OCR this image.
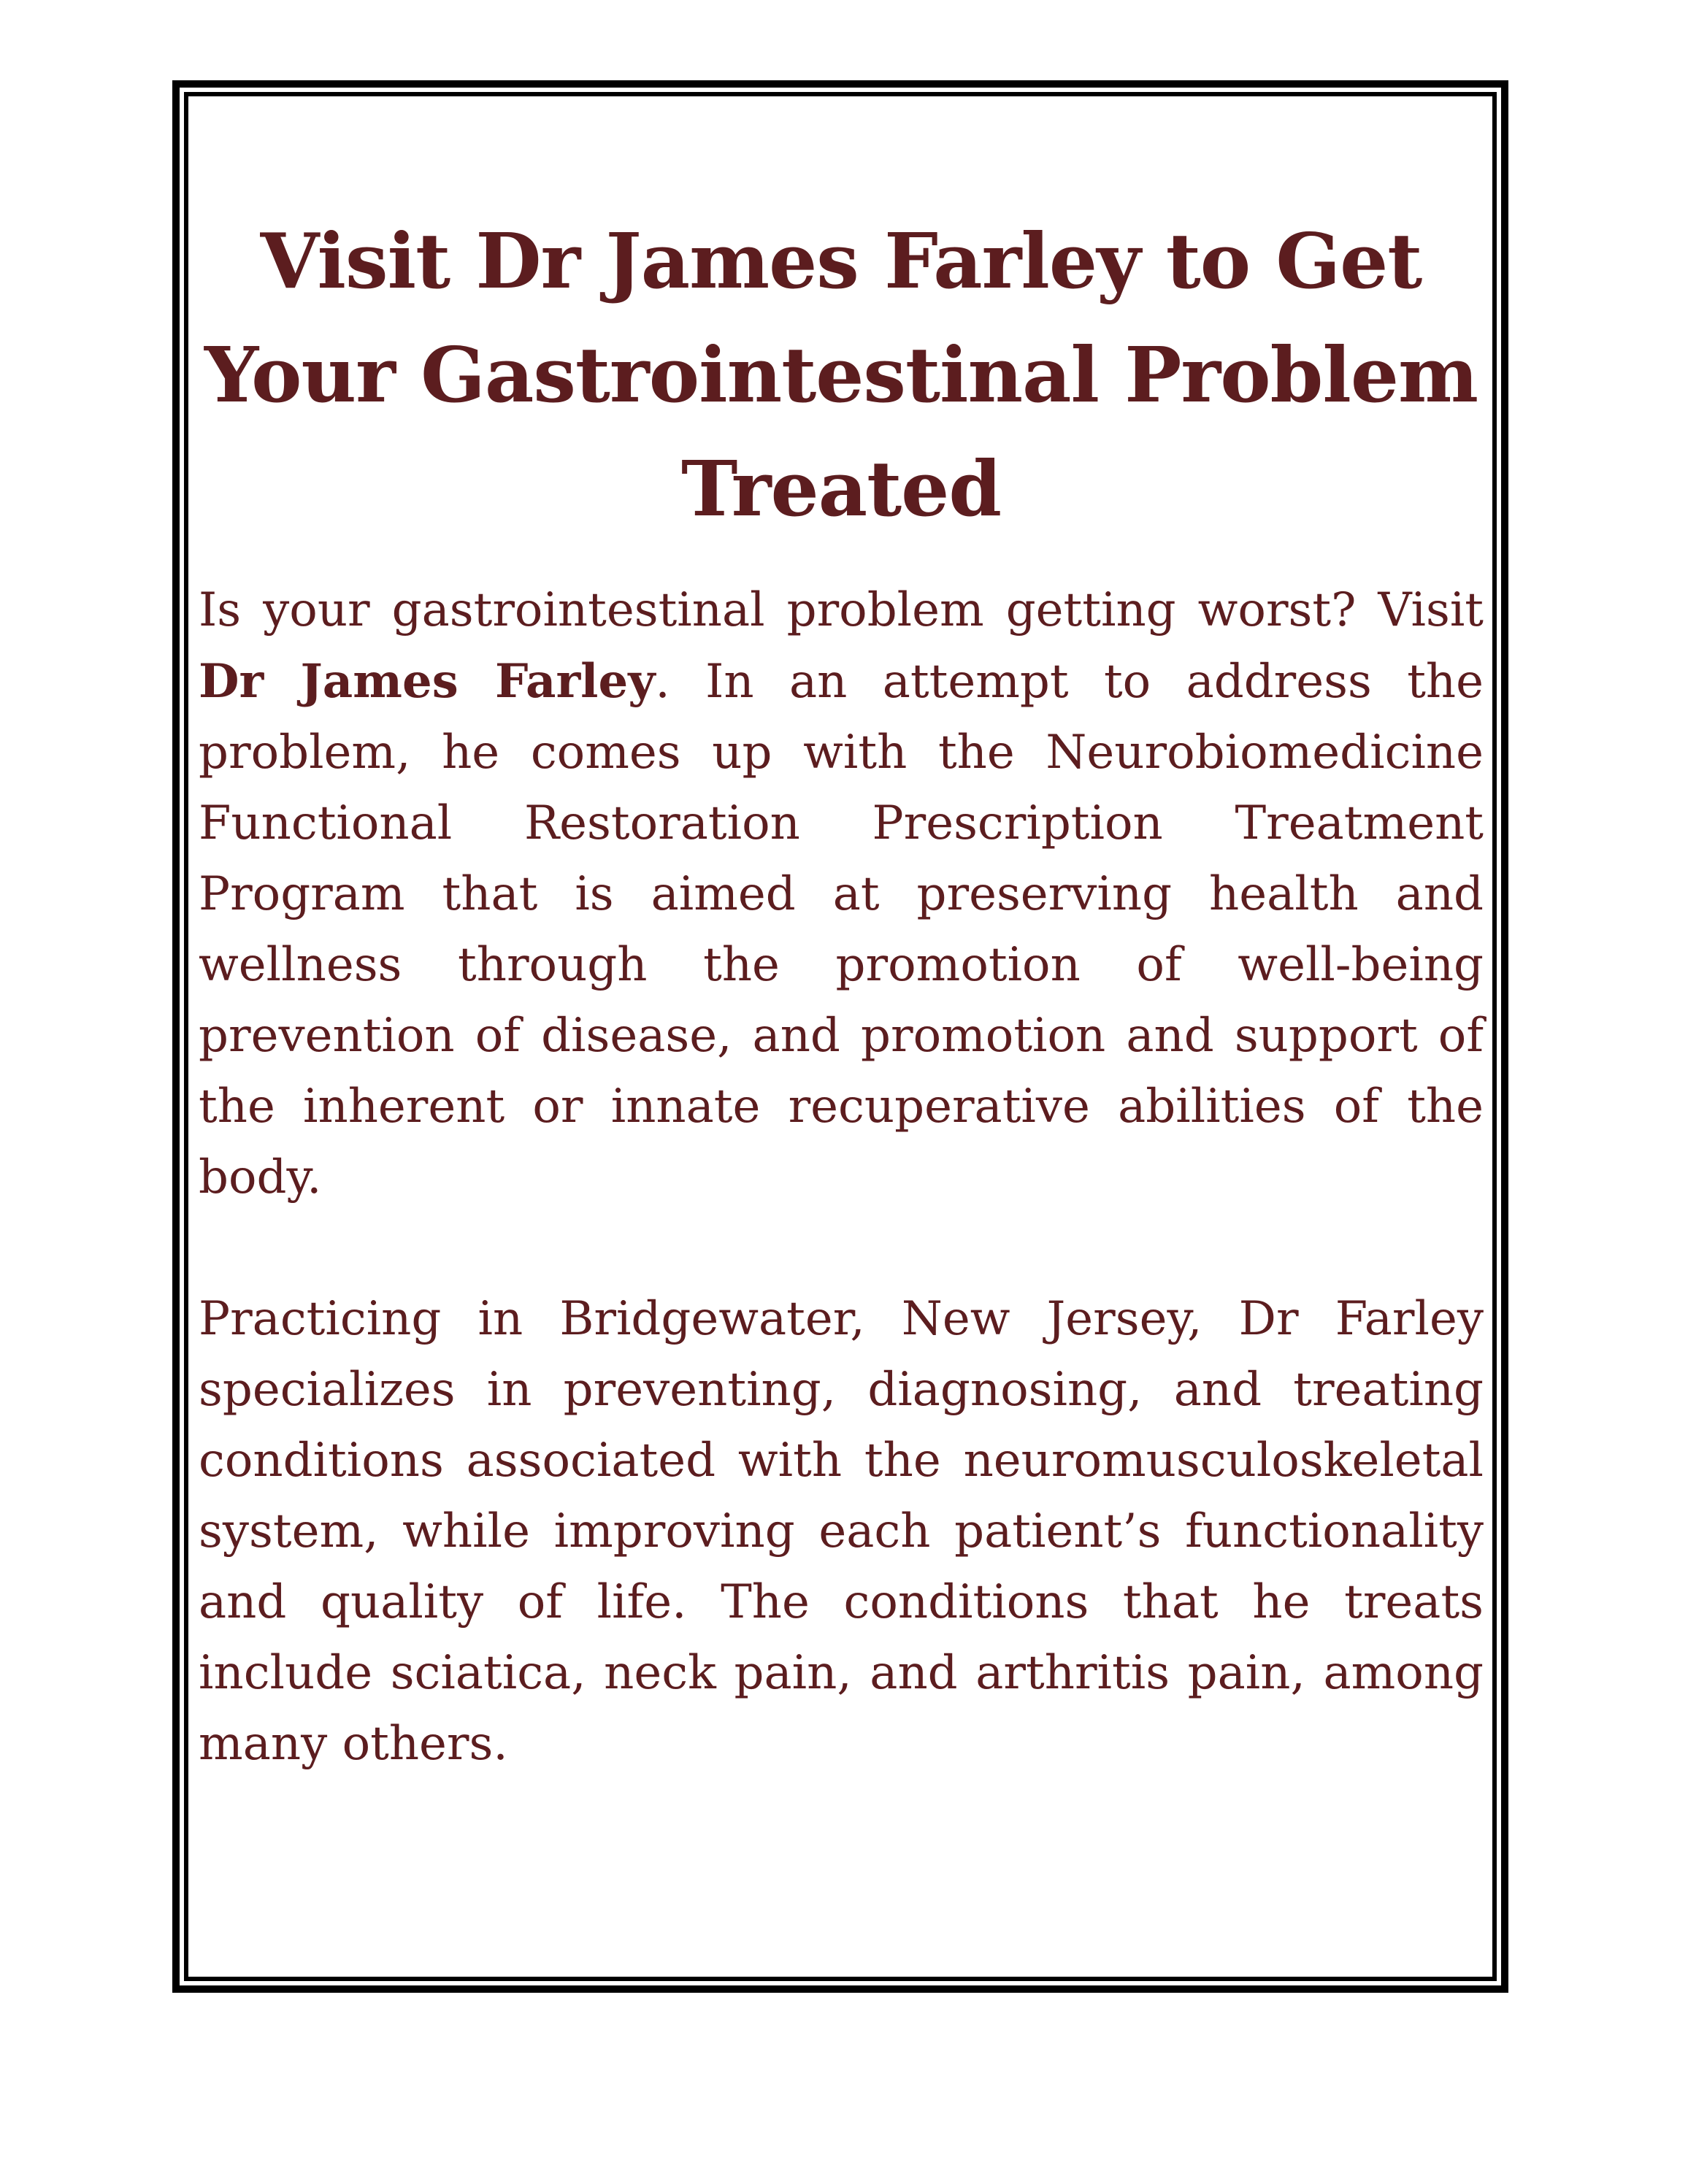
Visit Dr James Farley to Get Your Gastrointestinal Problem Treated

Is your gastrointestinal problem getting worst? Visit Dr James Farley. In an attempt to address the problem, he comes up with the Neurobiomedicine Functional Restoration Prescription Treatment Program that is aimed at preserving health and wellness through the promotion of well-being prevention of disease, and promotion and support of the inherent or innate recuperative abilities of the body.

Practicing in Bridgewater, New Jersey, Dr Farley specializes in preventing, diagnosing, and treating conditions associated with the neuromusculoskeletal system, while improving each patient’s functionality and quality of life. The conditions that he treats include sciatica, neck pain, and arthritis pain, among many others.
